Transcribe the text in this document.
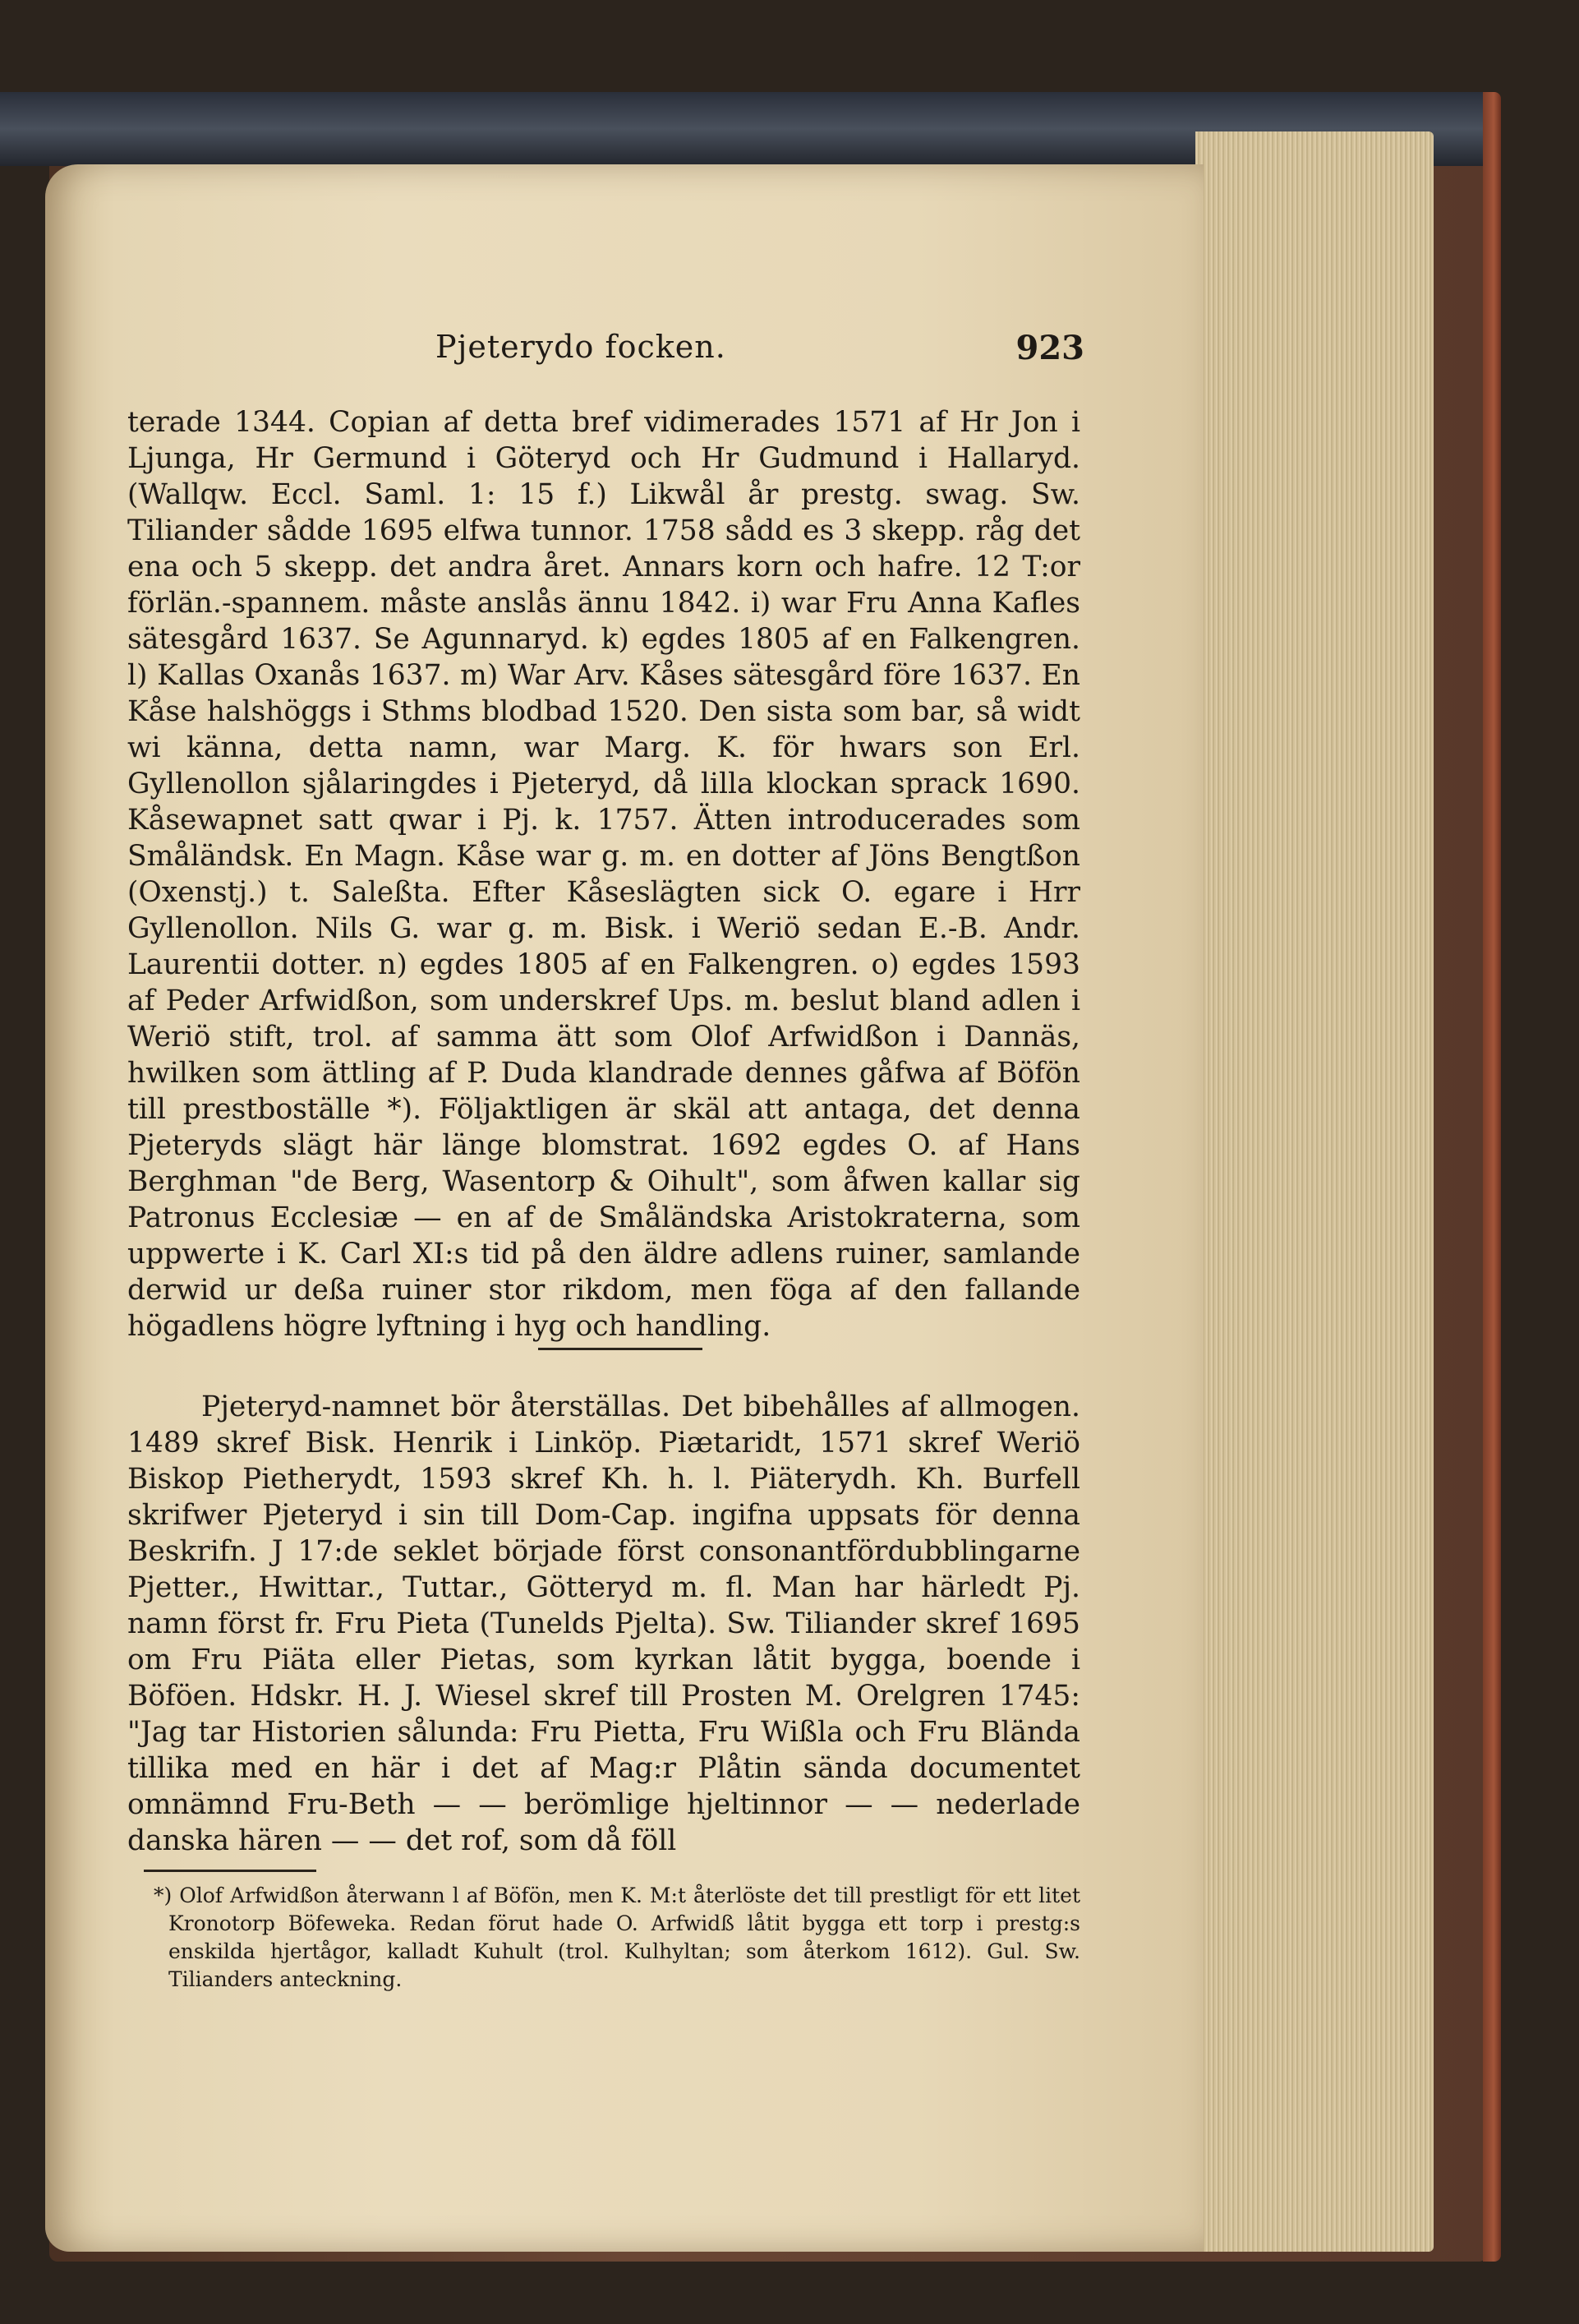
Pjeterydo focken.	923

terade 1344. Copian af detta bref vidimerades 1571 af Hr Jon i Ljunga, Hr Germund i Göteryd och Hr Gudmund i Hallaryd. (Wallqw. Eccl. Saml. 1: 15 f.) Likwål år prestg. swag. Sw. Tiliander sådde 1695 elfwa tunnor. 1758 sådd es 3 skepp. råg det ena och 5 skepp. det andra året. Annars korn och hafre. 12 T:or förlän.-spannem. måste anslås ännu 1842. i) war Fru Anna Kafles sätesgård 1637. Se Agunnaryd. k) egdes 1805 af en Falkengren. l) Kallas Oxanås 1637. m) War Arv. Kåses sätesgård före 1637. En Kåse halshöggs i Sthms blodbad 1520. Den sista som bar, så widt wi känna, detta namn, war Marg. K. för hwars son Erl. Gyllenollon sjålaringdes i Pjeteryd, då lilla klockan sprack 1690. Kåsewapnet satt qwar i Pj. k. 1757. Ätten introducerades som Småländsk. En Magn. Kåse war g. m. en dotter af Jöns Bengtßon (Oxenstj.) t. Saleßta. Efter Kåseslägten sick O. egare i Hrr Gyllenollon. Nils G. war g. m. Bisk. i Weriö sedan E.-B. Andr. Laurentii dotter. n) egdes 1805 af en Falkengren. o) egdes 1593 af Peder Arfwidßon, som underskref Ups. m. beslut bland adlen i Weriö stift, trol. af samma ätt som Olof Arfwidßon i Dannäs, hwilken som ättling af P. Duda klandrade dennes gåfwa af Böfön till prestboställe *). Följaktligen är skäl att antaga, det denna Pjeteryds slägt här länge blomstrat. 1692 egdes O. af Hans Berghman "de Berg, Wasentorp & Oihult", som åfwen kallar sig Patronus Ecclesiæ — en af de Småländska Aristokraterna, som uppwerte i K. Carl XI:s tid på den äldre adlens ruiner, samlande derwid ur deßa ruiner stor rikdom, men föga af den fallande högadlens högre lyftning i hyg och handling.

Pjeteryd-namnet bör återställas. Det bibehålles af allmogen. 1489 skref Bisk. Henrik i Linköp. Piætaridt, 1571 skref Weriö Biskop Pietherydt, 1593 skref Kh. h. l. Piäterydh. Kh. Burfell skrifwer Pjeteryd i sin till Dom-Cap. ingifna uppsats för denna Beskrifn. J 17:de seklet började först consonantfördubblingarne Pjetter., Hwittar., Tuttar., Götteryd m. fl. Man har härledt Pj. namn först fr. Fru Pieta (Tunelds Pjelta). Sw. Tiliander skref 1695 om Fru Piäta eller Pietas, som kyrkan låtit bygga, boende i Böföen. Hdskr. H. J. Wiesel skref till Prosten M. Orelgren 1745: "Jag tar Historien sålunda: Fru Pietta, Fru Wißla och Fru Blända tillika med en här i det af Mag:r Plåtin sända documentet omnämnd Fru-Beth — — berömlige hjeltinnor — — nederlade danska hären — — det rof, som då föll

*) Olof Arfwidßon återwann l af Böfön, men K. M:t återlöste det till prestligt för ett litet Kronotorp Böfeweka. Redan förut hade O. Arfwidß låtit bygga ett torp i prestg:s enskilda hjertågor, kalladt Kuhult (trol. Kulhyltan; som återkom 1612). Gul. Sw. Tilianders anteckning.
